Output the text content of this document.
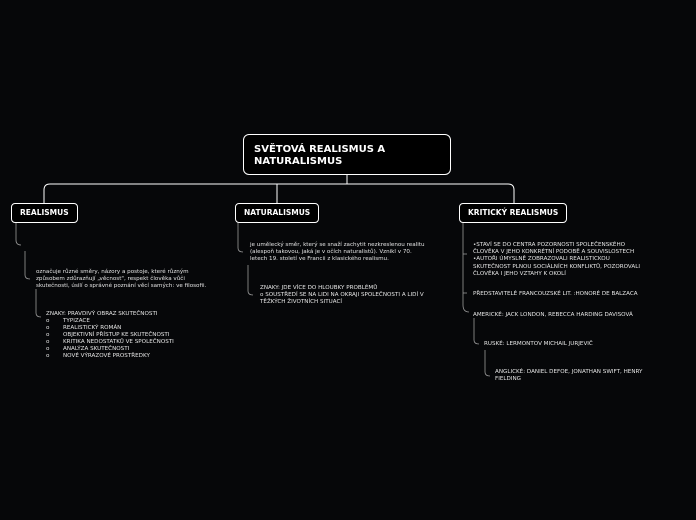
SVĚTOVÁ REALISMUS A
NATURALISMUS
REALISMUS	NATURALISMUS	KRITICKÝ REALISMUS
označuje různé směry, názory a postoje, které různým
způsobem zdůrazňují „věcnost", respekt člověka vůči
skutečnosti, úsilí o správné poznání věcí samých: ve filosofii.
ZNAKY: PRAVDIVÝ OBRAZ SKUTEČNOSTI
o	TYPIZACE
o	REALISTICKÝ ROMÁN
o	OBJEKTIVNÍ PŘÍSTUP KE SKUTEČNOSTI
o	KRITIKA NEDOSTATKŮ VE SPOLEČNOSTI
o	ANALÝZA SKUTEČNOSTI
o	NOVÉ VÝRAZOVÉ PROSTŘEDKY
je umělecký směr, který se snaží zachytit nezkreslenou realitu
(alespoň takovou, jaká je v očích naturalistů). Vznikl v 70.
letech 19. století ve Francii z klasického realismu.
ZNAKY: JDE VÍCE DO HLOUBKY PROBLÉMŮ
o SOUSTŘEDÍ SE NA LIDI NA OKRAJI SPOLEČNOSTI A LIDÍ V
TĚŽKÝCH ŽIVOTNÍCH SITUACÍ
•STAVÍ SE DO CENTRA POZORNOSTI SPOLEČENSKÉHO
ČLOVĚKA V JEHO KONKRÉTNÍ PODOBĚ A SOUVISLOSTECH
•AUTOŘI ÚMYSLNĚ ZOBRAZOVALI REALISTICKOU
SKUTEČNOST PLNOU SOCIÁLNÍCH KONFLIKTŮ, POZOROVALI
ČLOVĚKA I JEHO VZTAHY K OKOLÍ
PŘEDSTAVITELÉ FRANCOUZSKÉ LIT. :HONORÉ DE BALZACA
AMERICKÉ: JACK LONDON, REBECCA HARDING DAVISOVÁ
RUSKÉ: LERMONTOV MICHAIL JURJEVIČ
ANGLICKÉ: DANIEL DEFOE, JONATHAN SWIFT, HENRY
FIELDING
